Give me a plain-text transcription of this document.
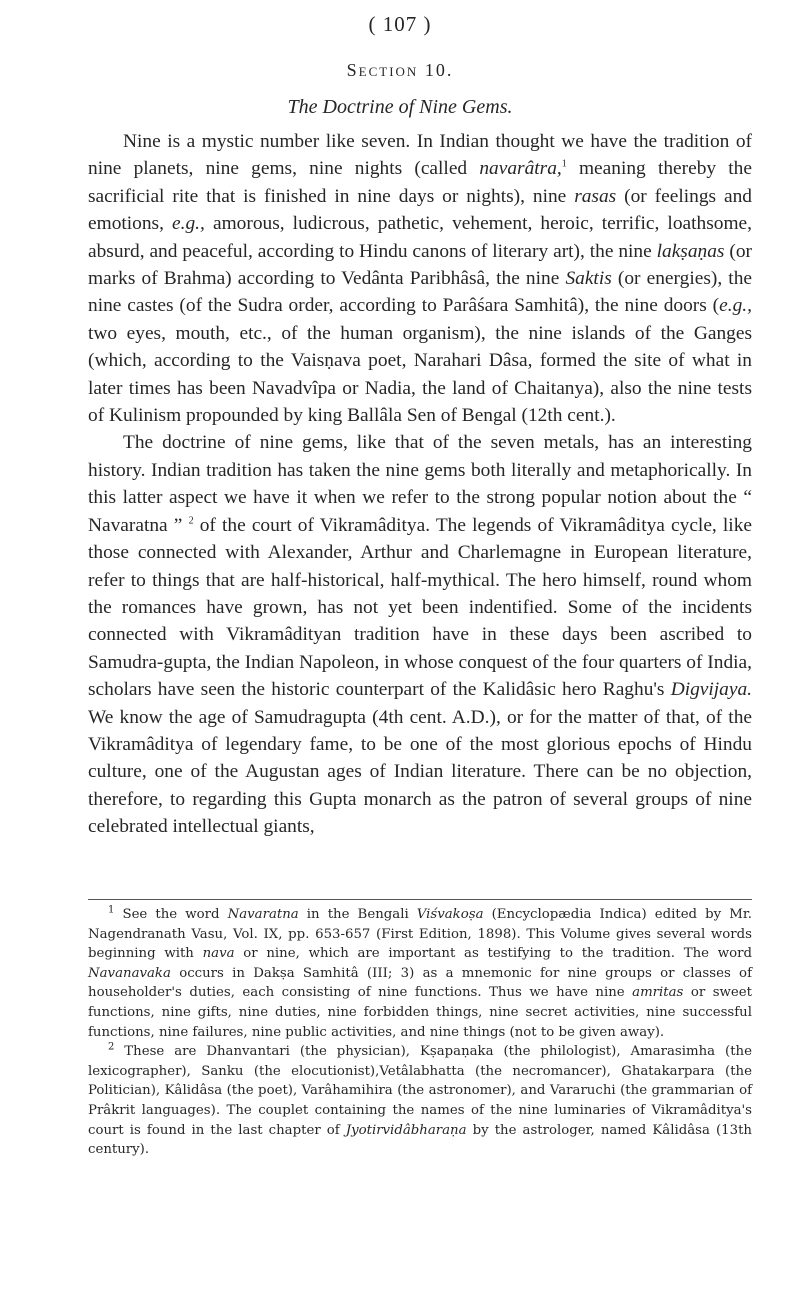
( 107 )
Section 10.
The Doctrine of Nine Gems.

Nine is a mystic number like seven. In Indian thought we have the tradition of nine planets, nine gems, nine nights (called navarâtra,$^1$ meaning thereby the sacrificial rite that is finished in nine days or nights), nine rasas (or feelings and emotions, e.g., amorous, ludicrous, pathetic, vehement, heroic, terrific, loathsome, absurd, and peaceful, according to Hindu canons of literary art), the nine lakṣaṇas (or marks of Brahma) according to Vedânta Paribhâsâ, the nine Saktis (or energies), the nine castes (of the Sudra order, according to Parâśara Samhitâ), the nine doors (e.g., two eyes, mouth, etc., of the human organism), the nine islands of the Ganges (which, according to the Vaisṇava poet, Narahari Dâsa, formed the site of what in later times has been Navadvîpa or Nadia, the land of Chaitanya), also the nine tests of Kulinism propounded by king Ballâla Sen of Bengal (12th cent.).

The doctrine of nine gems, like that of the seven metals, has an interesting history. Indian tradition has taken the nine gems both literally and metaphorically. In this latter aspect we have it when we refer to the strong popular notion about the “ Navaratna ” $^2$ of the court of Vikramâditya. The legends of Vikramâditya cycle, like those connected with Alexander, Arthur and Charlemagne in European literature, refer to things that are half-historical, half-mythical. The hero himself, round whom the romances have grown, has not yet been indentified. Some of the incidents connected with Vikramâdityan tradition have in these days been ascribed to Samudra-gupta, the Indian Napoleon, in whose conquest of the four quarters of India, scholars have seen the historic counterpart of the Kalidâsic hero Raghu's Digvijaya. We know the age of Samudragupta (4th cent. A.D.), or for the matter of that, of the Vikramâditya of legendary fame, to be one of the most glorious epochs of Hindu culture, one of the Augustan ages of Indian literature. There can be no objection, therefore, to regarding this Gupta monarch as the patron of several groups of nine celebrated intellectual giants,

$^1$ See the word Navaratna in the Bengali Viśvakoṣa (Encyclopædia Indica) edited by Mr. Nagendranath Vasu, Vol. IX, pp. 653-657 (First Edition, 1898). This Volume gives several words beginning with nava or nine, which are important as testifying to the tradition. The word Navanavaka occurs in Dakṣa Samhitâ (III; 3) as a mnemonic for nine groups or classes of householder's duties, each consisting of nine functions. Thus we have nine amritas or sweet functions, nine gifts, nine duties, nine forbidden things, nine secret activities, nine successful functions, nine failures, nine public activities, and nine things (not to be given away).

$^2$ These are Dhanvantari (the physician), Kṣapaṇaka (the philologist), Amarasimha (the lexicographer), Sanku (the elocutionist),Vetâlabhatta (the necromancer), Ghatakarpara (the Politician), Kâlidâsa (the poet), Varâhamihira (the astronomer), and Vararuchi (the grammarian of Prâkrit languages). The couplet containing the names of the nine luminaries of Vikramâditya's court is found in the last chapter of Jyotirvidâbharaṇa by the astrologer, named Kâlidâsa (13th century).
